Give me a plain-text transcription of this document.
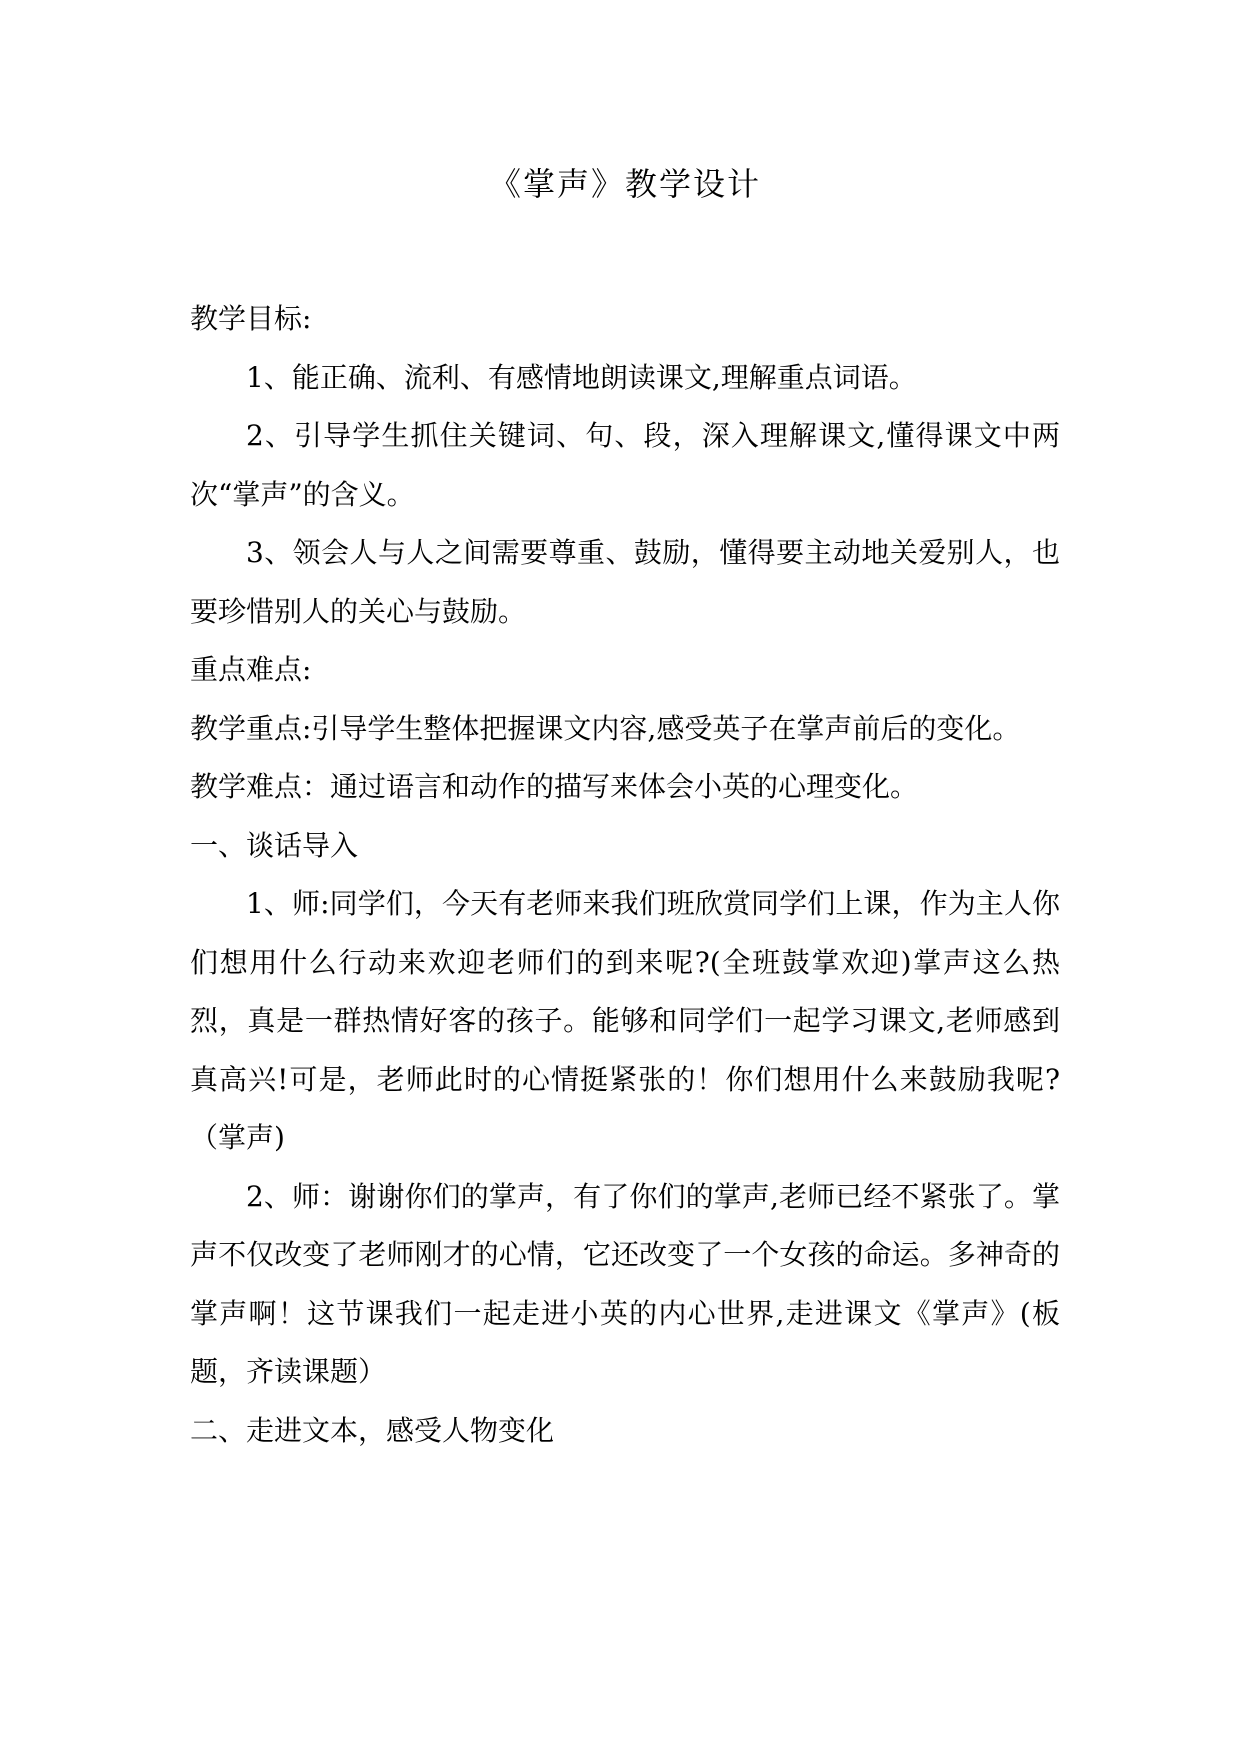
《掌声》教学设计

教学目标:

1、能正确、流利、有感情地朗读课文,理解重点词语。

2、引导学生抓住关键词、句、段，深入理解课文,懂得课文中两次“掌声”的含义。

3、领会人与人之间需要尊重、鼓励，懂得要主动地关爱别人，也要珍惜别人的关心与鼓励。

重点难点:

教学重点:引导学生整体把握课文内容,感受英子在掌声前后的变化。

教学难点：通过语言和动作的描写来体会小英的心理变化。

一、谈话导入

1、师:同学们，今天有老师来我们班欣赏同学们上课，作为主人你们想用什么行动来欢迎老师们的到来呢?(全班鼓掌欢迎)掌声这么热烈，真是一群热情好客的孩子。能够和同学们一起学习课文,老师感到真高兴!可是，老师此时的心情挺紧张的！你们想用什么来鼓励我呢?（掌声)

2、师：谢谢你们的掌声，有了你们的掌声,老师已经不紧张了。掌声不仅改变了老师刚才的心情，它还改变了一个女孩的命运。多神奇的掌声啊！这节课我们一起走进小英的内心世界,走进课文《掌声》(板题，齐读课题）

二、走进文本，感受人物变化
